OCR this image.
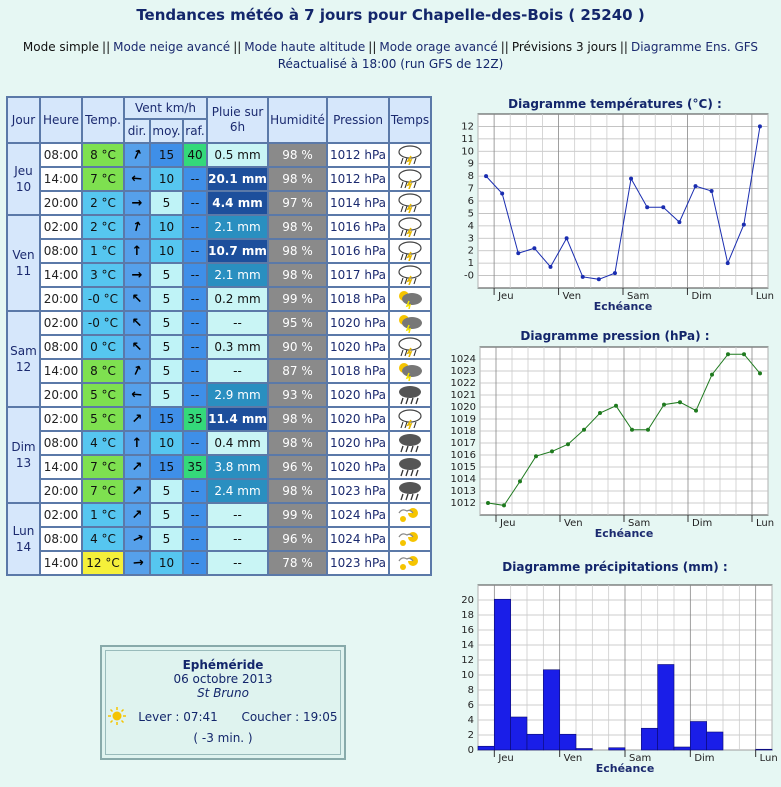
Tendances météo à 7 jours pour Chapelle-des-Bois ( 25240 )
Mode simple || Mode neige avancé || Mode haute altitude || Mode orage avancé || Prévisions 3 jours || Diagramme Ens. GFS
Réactualisé à 18:00 (run GFS de 12Z)
Jour	Heure	Temp.	Vent km/h			Pluie sur 6h	Humidité	Pression	Temps
			dir.	moy.	raf.				

Jeu
10	08:00	8 °C	↗	15	40	0.5 mm	98 %	1012 hPa	

	14:00	7 °C	↖	10	--	20.1 mm	98 %	1012 hPa	

	20:00	2 °C	→	5	--	4.4 mm	97 %	1014 hPa	

Ven
11	02:00	2 °C	↗	10	--	2.1 mm	98 %	1016 hPa	

	08:00	1 °C	↑	10	--	10.7 mm	98 %	1016 hPa	

	14:00	3 °C	→	5	--	2.1 mm	98 %	1017 hPa	

	20:00	-0 °C	↖	5	--	0.2 mm	99 %	1018 hPa	

Sam
12	02:00	-0 °C	↖	5	--	--	95 %	1020 hPa	

	08:00	0 °C	↖	5	--	0.3 mm	90 %	1020 hPa	

	14:00	8 °C	↗	5	--	--	87 %	1018 hPa	

	20:00	5 °C	↖	5	--	2.9 mm	93 %	1020 hPa	

Dim
13	02:00	5 °C	↗	15	35	11.4 mm	98 %	1020 hPa	

	08:00	4 °C	↑	10	--	0.4 mm	98 %	1020 hPa	

	14:00	7 °C	↗	15	35	3.8 mm	96 %	1020 hPa	

	20:00	7 °C	↗	5	--	2.4 mm	98 %	1023 hPa	

Lun
14	02:00	1 °C	↗	5	--	--	99 %	1024 hPa	

	08:00	4 °C	↗	5	--	--	96 %	1024 hPa	

	14:00	12 °C	↗	10	--	--	78 %	1023 hPa	
Ephéméride
06 octobre 2013
St Bruno
Lever : 07:41 Coucher : 19:05
( -3 min. )
Diagramme températures (°C) :
12
11
10
9
8
7
6
5
4
3
2
1
-0
Jeu	Ven	Sam	Dim	Lun
Echéance
Diagramme pression (hPa) :
1024
1023
1022
1021
1020
1019
1018
1017
1016
1015
1014
1013
1012
Jeu	Ven	Sam	Dim	Lun
Echéance
Diagramme précipitations (mm) :
20
18
16
14
12
10
8
6
4
2
0
Jeu	Ven	Sam	Dim	Lun
Echéance
